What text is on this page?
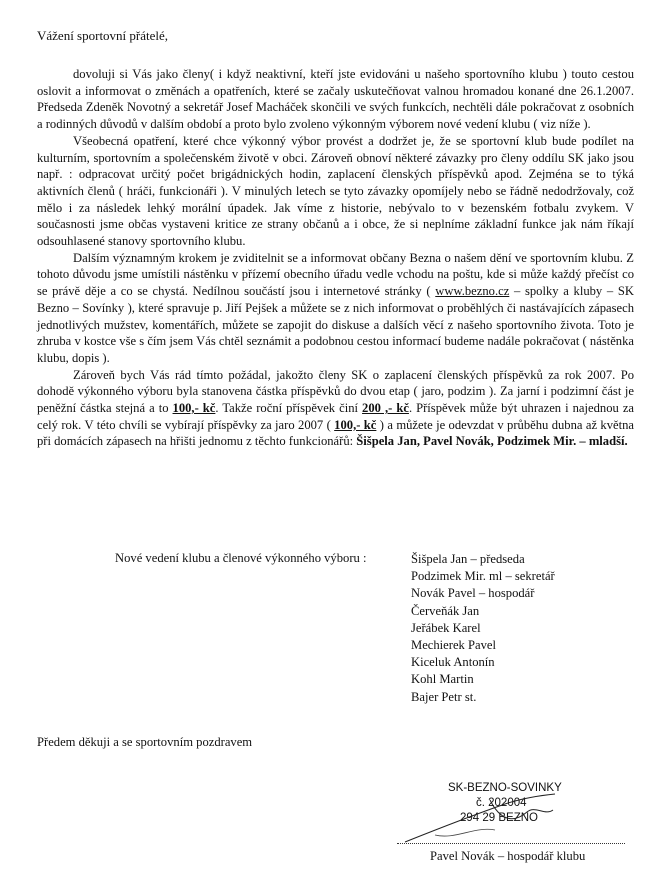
Vážení sportovní přátelé,

dovoluji si Vás jako členy( i když neaktivní, kteří jste evidováni u našeho sportovního klubu ) touto cestou oslovit a informovat o změnách a opatřeních, které se začaly uskutečňovat valnou hromadou konané dne 26.1.2007. Předseda Zdeněk Novotný a sekretář Josef Macháček skončili ve svých funkcích, nechtěli dále pokračovat z osobních a rodinných důvodů v dalším období a proto bylo zvoleno výkonným výborem nové vedení klubu ( viz níže ).

Všeobecná opatření, které chce výkonný výbor provést a dodržet je, že se sportovní klub bude podílet na kulturním, sportovním a společenském životě v obci. Zároveň obnoví některé závazky pro členy oddílu SK jako jsou např. : odpracovat určitý počet brigádnických hodin, zaplacení členských příspěvků apod. Zejména se to týká aktivních členů ( hráči, funkcionáři ). V minulých letech se tyto závazky opomíjely nebo se řádně nedodržovaly, což mělo i za následek lehký morální úpadek. Jak víme z historie, nebývalo to v bezenském fotbalu zvykem. V současnosti jsme občas vystaveni kritice ze strany občanů a i obce, že si neplníme základní funkce jak nám říkají odsouhlasené stanovy sportovního klubu.

Dalším významným krokem je zviditelnit se a informovat občany Bezna o našem dění ve sportovním klubu. Z tohoto důvodu jsme umístili nástěnku v přízemí obecního úřadu vedle vchodu na poštu, kde si může každý přečíst co se právě děje a co se chystá. Nedílnou součástí jsou i internetové stránky ( www.bezno.cz – spolky a kluby – SK Bezno – Sovínky ), které spravuje p. Jiří Pejšek a můžete se z nich informovat o proběhlých či nastávajících zápasech jednotlivých mužstev, komentářích, můžete se zapojit do diskuse a dalších věcí z našeho sportovního života. Toto je zhruba v kostce vše s čím jsem Vás chtěl seznámit a podobnou cestou informací budeme nadále pokračovat ( nástěnka klubu, dopis ).

Zároveň bych Vás rád tímto požádal, jakožto členy SK o zaplacení členských příspěvků za rok 2007. Po dohodě výkonného výboru byla stanovena částka příspěvků do dvou etap ( jaro, podzim ). Za jarní i podzimní část je peněžní částka stejná a to 100,- kč. Takže roční příspěvek činí 200 ,- kč. Příspěvek může být uhrazen i najednou za celý rok. V této chvíli se vybírají příspěvky za jaro 2007 ( 100,- kč ) a můžete je odevzdat v průběhu dubna až května při domácích zápasech na hřišti jednomu z těchto funkcionářů: Šišpela Jan, Pavel Novák, Podzimek Mir. – mladší.

Nové vedení klubu a členové výkonného výboru :	Šišpela Jan – předseda
Podzimek Mir. ml – sekretář
Novák Pavel – hospodář
Červeňák Jan
Jeřábek Karel
Mechierek Pavel
Kiceluk Antonín
Kohl Martin
Bajer Petr st.
Předem děkuji a se sportovním pozdravem
SK-BEZNO-SOVINKY
č. 202004
294 29 BEZNO
Pavel Novák – hospodář klubu
